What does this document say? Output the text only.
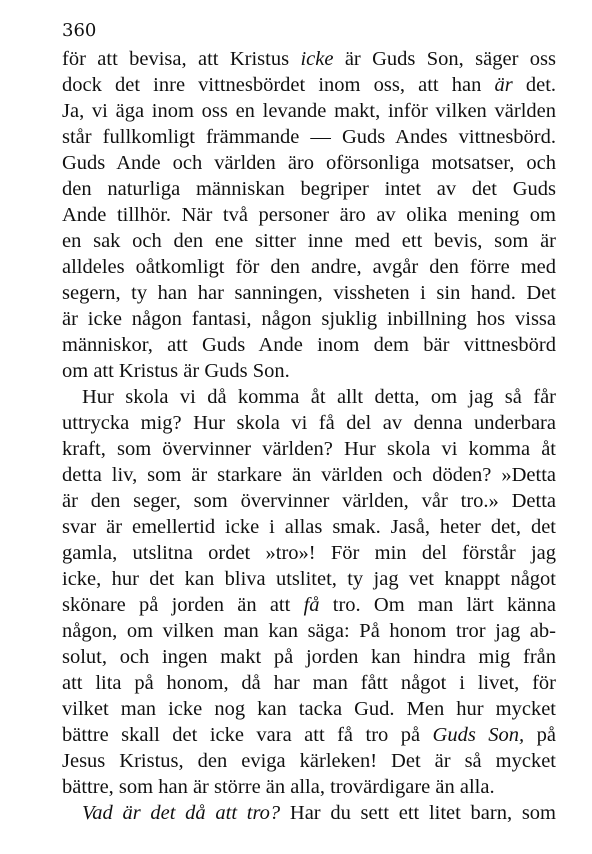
360
för att bevisa, att Kristus icke är Guds Son, säger oss
dock det inre vittnesbördet inom oss, att han är det.
Ja, vi äga inom oss en levande makt, inför vilken världen
står fullkomligt främmande — Guds Andes vittnesbörd.
Guds Ande och världen äro oförsonliga motsatser, och
den naturliga människan begriper intet av det Guds
Ande tillhör. När två personer äro av olika mening om
en sak och den ene sitter inne med ett bevis, som är
alldeles oåtkomligt för den andre, avgår den förre med
segern, ty han har sanningen, vissheten i sin hand. Det
är icke någon fantasi, någon sjuklig inbillning hos vissa
människor, att Guds Ande inom dem bär vittnesbörd
om att Kristus är Guds Son.
Hur skola vi då komma åt allt detta, om jag så får
uttrycka mig? Hur skola vi få del av denna underbara
kraft, som övervinner världen? Hur skola vi komma åt
detta liv, som är starkare än världen och döden? »Detta
är den seger, som övervinner världen, vår tro.» Detta
svar är emellertid icke i allas smak. Jaså, heter det, det
gamla, utslitna ordet »tro»! För min del förstår jag
icke, hur det kan bliva utslitet, ty jag vet knappt något
skönare på jorden än att få tro. Om man lärt känna
någon, om vilken man kan säga: På honom tror jag ab-
solut, och ingen makt på jorden kan hindra mig från
att lita på honom, då har man fått något i livet, för
vilket man icke nog kan tacka Gud. Men hur mycket
bättre skall det icke vara att få tro på Guds Son, på
Jesus Kristus, den eviga kärleken! Det är så mycket
bättre, som han är större än alla, trovärdigare än alla.
Vad är det då att tro? Har du sett ett litet barn, som
